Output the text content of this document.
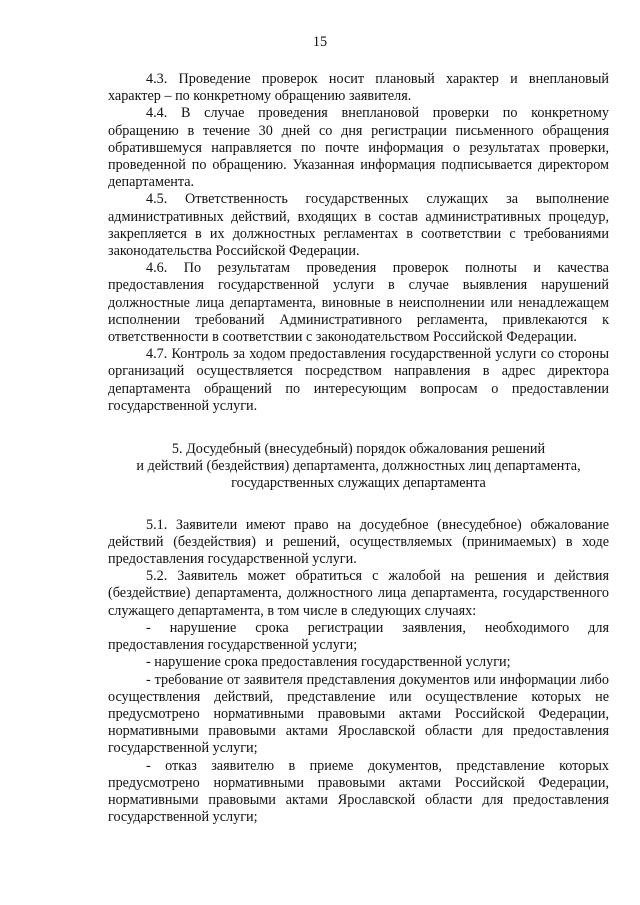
15

4.3. Проведение проверок носит плановый характер и внеплановый характер – по конкретному обращению заявителя.

4.4. В случае проведения внеплановой проверки по конкретному обращению в течение 30 дней со дня регистрации письменного обращения обратившемуся направляется по почте информация о результатах проверки, проведенной по обращению. Указанная информация подписывается директором департамента.

4.5. Ответственность государственных служащих за выполнение административных действий, входящих в состав административных процедур, закрепляется в их должностных регламентах в соответствии с требованиями законодательства Российской Федерации.

4.6. По результатам проведения проверок полноты и качества предоставления государственной услуги в случае выявления нарушений должностные лица департамента, виновные в неисполнении или ненадлежащем исполнении требований Административного регламента, привлекаются к ответственности в соответствии с законодательством Российской Федерации.

4.7. Контроль за ходом предоставления государственной услуги со стороны организаций осуществляется посредством направления в адрес директора департамента обращений по интересующим вопросам о предоставлении государственной услуги.

5. Досудебный (внесудебный) порядок обжалования решений
и действий (бездействия) департамента, должностных лиц департамента,
государственных служащих департамента

5.1. Заявители имеют право на досудебное (внесудебное) обжалование действий (бездействия) и решений, осуществляемых (принимаемых) в ходе предоставления государственной услуги.

5.2. Заявитель может обратиться с жалобой на решения и действия (бездействие) департамента, должностного лица департамента, государственного служащего департамента, в том числе в следующих случаях:

- нарушение срока регистрации заявления, необходимого для предоставления государственной услуги;

- нарушение срока предоставления государственной услуги;

- требование от заявителя представления документов или информации либо осуществления действий, представление или осуществление которых не предусмотрено нормативными правовыми актами Российской Федерации, нормативными правовыми актами Ярославской области для предоставления государственной услуги;

- отказ заявителю в приеме документов, представление которых предусмотрено нормативными правовыми актами Российской Федерации, нормативными правовыми актами Ярославской области для предоставления государственной услуги;
